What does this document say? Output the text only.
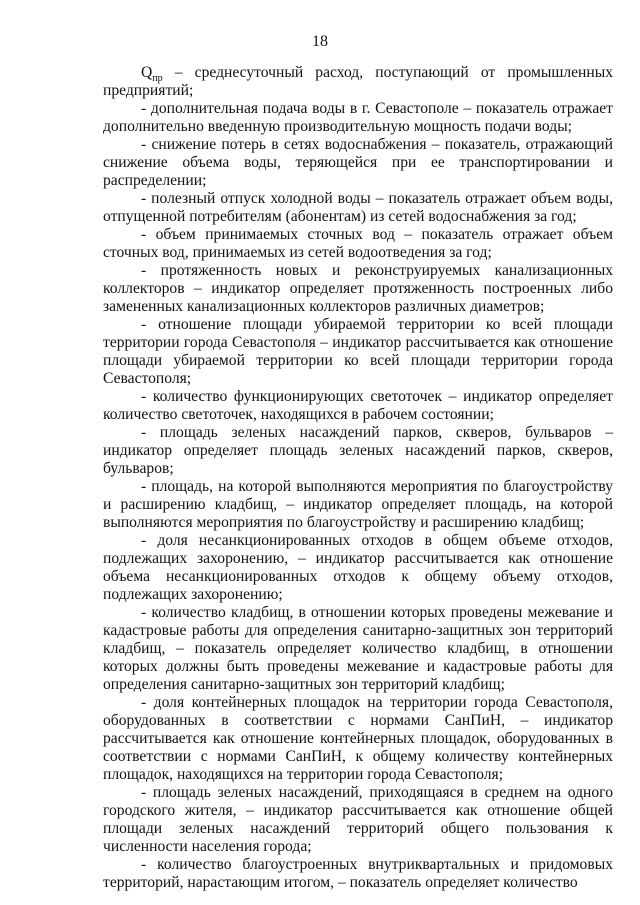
18

$Q_{пр}$ – среднесуточный расход, поступающий от промышленных предприятий;

- дополнительная подача воды в г. Севастополе – показатель отражает дополнительно введенную производительную мощность подачи воды;

- снижение потерь в сетях водоснабжения – показатель, отражающий снижение объема воды, теряющейся при ее транспортировании и распределении;

- полезный отпуск холодной воды – показатель отражает объем воды, отпущенной потребителям (абонентам) из сетей водоснабжения за год;

- объем принимаемых сточных вод – показатель отражает объем сточных вод, принимаемых из сетей водоотведения за год;

- протяженность новых и реконструируемых канализационных коллекторов – индикатор определяет протяженность построенных либо замененных канализационных коллекторов различных диаметров;

- отношение площади убираемой территории ко всей площади территории города Севастополя – индикатор рассчитывается как отношение площади убираемой территории ко всей площади территории города Севастополя;

- количество функционирующих светоточек – индикатор определяет количество светоточек, находящихся в рабочем состоянии;

- площадь зеленых насаждений парков, скверов, бульваров – индикатор определяет площадь зеленых насаждений парков, скверов, бульваров;

- площадь, на которой выполняются мероприятия по благоустройству и расширению кладбищ, – индикатор определяет площадь, на которой выполняются мероприятия по благоустройству и расширению кладбищ;

- доля несанкционированных отходов в общем объеме отходов, подлежащих захоронению, – индикатор рассчитывается как отношение объема несанкционированных отходов к общему объему отходов, подлежащих захоронению;

- количество кладбищ, в отношении которых проведены межевание и кадастровые работы для определения санитарно-защитных зон территорий кладбищ, – показатель определяет количество кладбищ, в отношении которых должны быть проведены межевание и кадастровые работы для определения санитарно-защитных зон территорий кладбищ;

- доля контейнерных площадок на территории города Севастополя, оборудованных в соответствии с нормами СанПиН, – индикатор рассчитывается как отношение контейнерных площадок, оборудованных в соответствии с нормами СанПиН, к общему количеству контейнерных площадок, находящихся на территории города Севастополя;

- площадь зеленых насаждений, приходящаяся в среднем на одного городского жителя, – индикатор рассчитывается как отношение общей площади зеленых насаждений территорий общего пользования к численности населения города;

- количество благоустроенных внутриквартальных и придомовых территорий, нарастающим итогом, – показатель определяет количество
